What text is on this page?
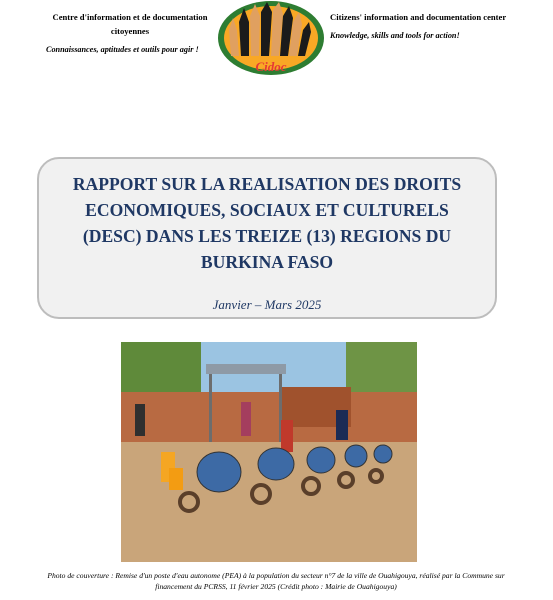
Centre d'information et de documentation citoyennes
Connaissances, aptitudes et outils pour agir !
Cidoc
Citizens' information and documentation center
Knowledge, skills and tools for action!
RAPPORT SUR LA REALISATION DES DROITS ECONOMIQUES, SOCIAUX ET CULTURELS (DESC) DANS LES TREIZE (13) REGIONS DU BURKINA FASO
Janvier – Mars 2025
Photo de couverture : Remise d'un poste d'eau autonome (PEA) à la population du secteur n°7 de la ville de Ouahigouya, réalisé par la Commune sur financement du PCRSS, 11 février 2025 (Crédit photo : Mairie de Ouahigouya)
